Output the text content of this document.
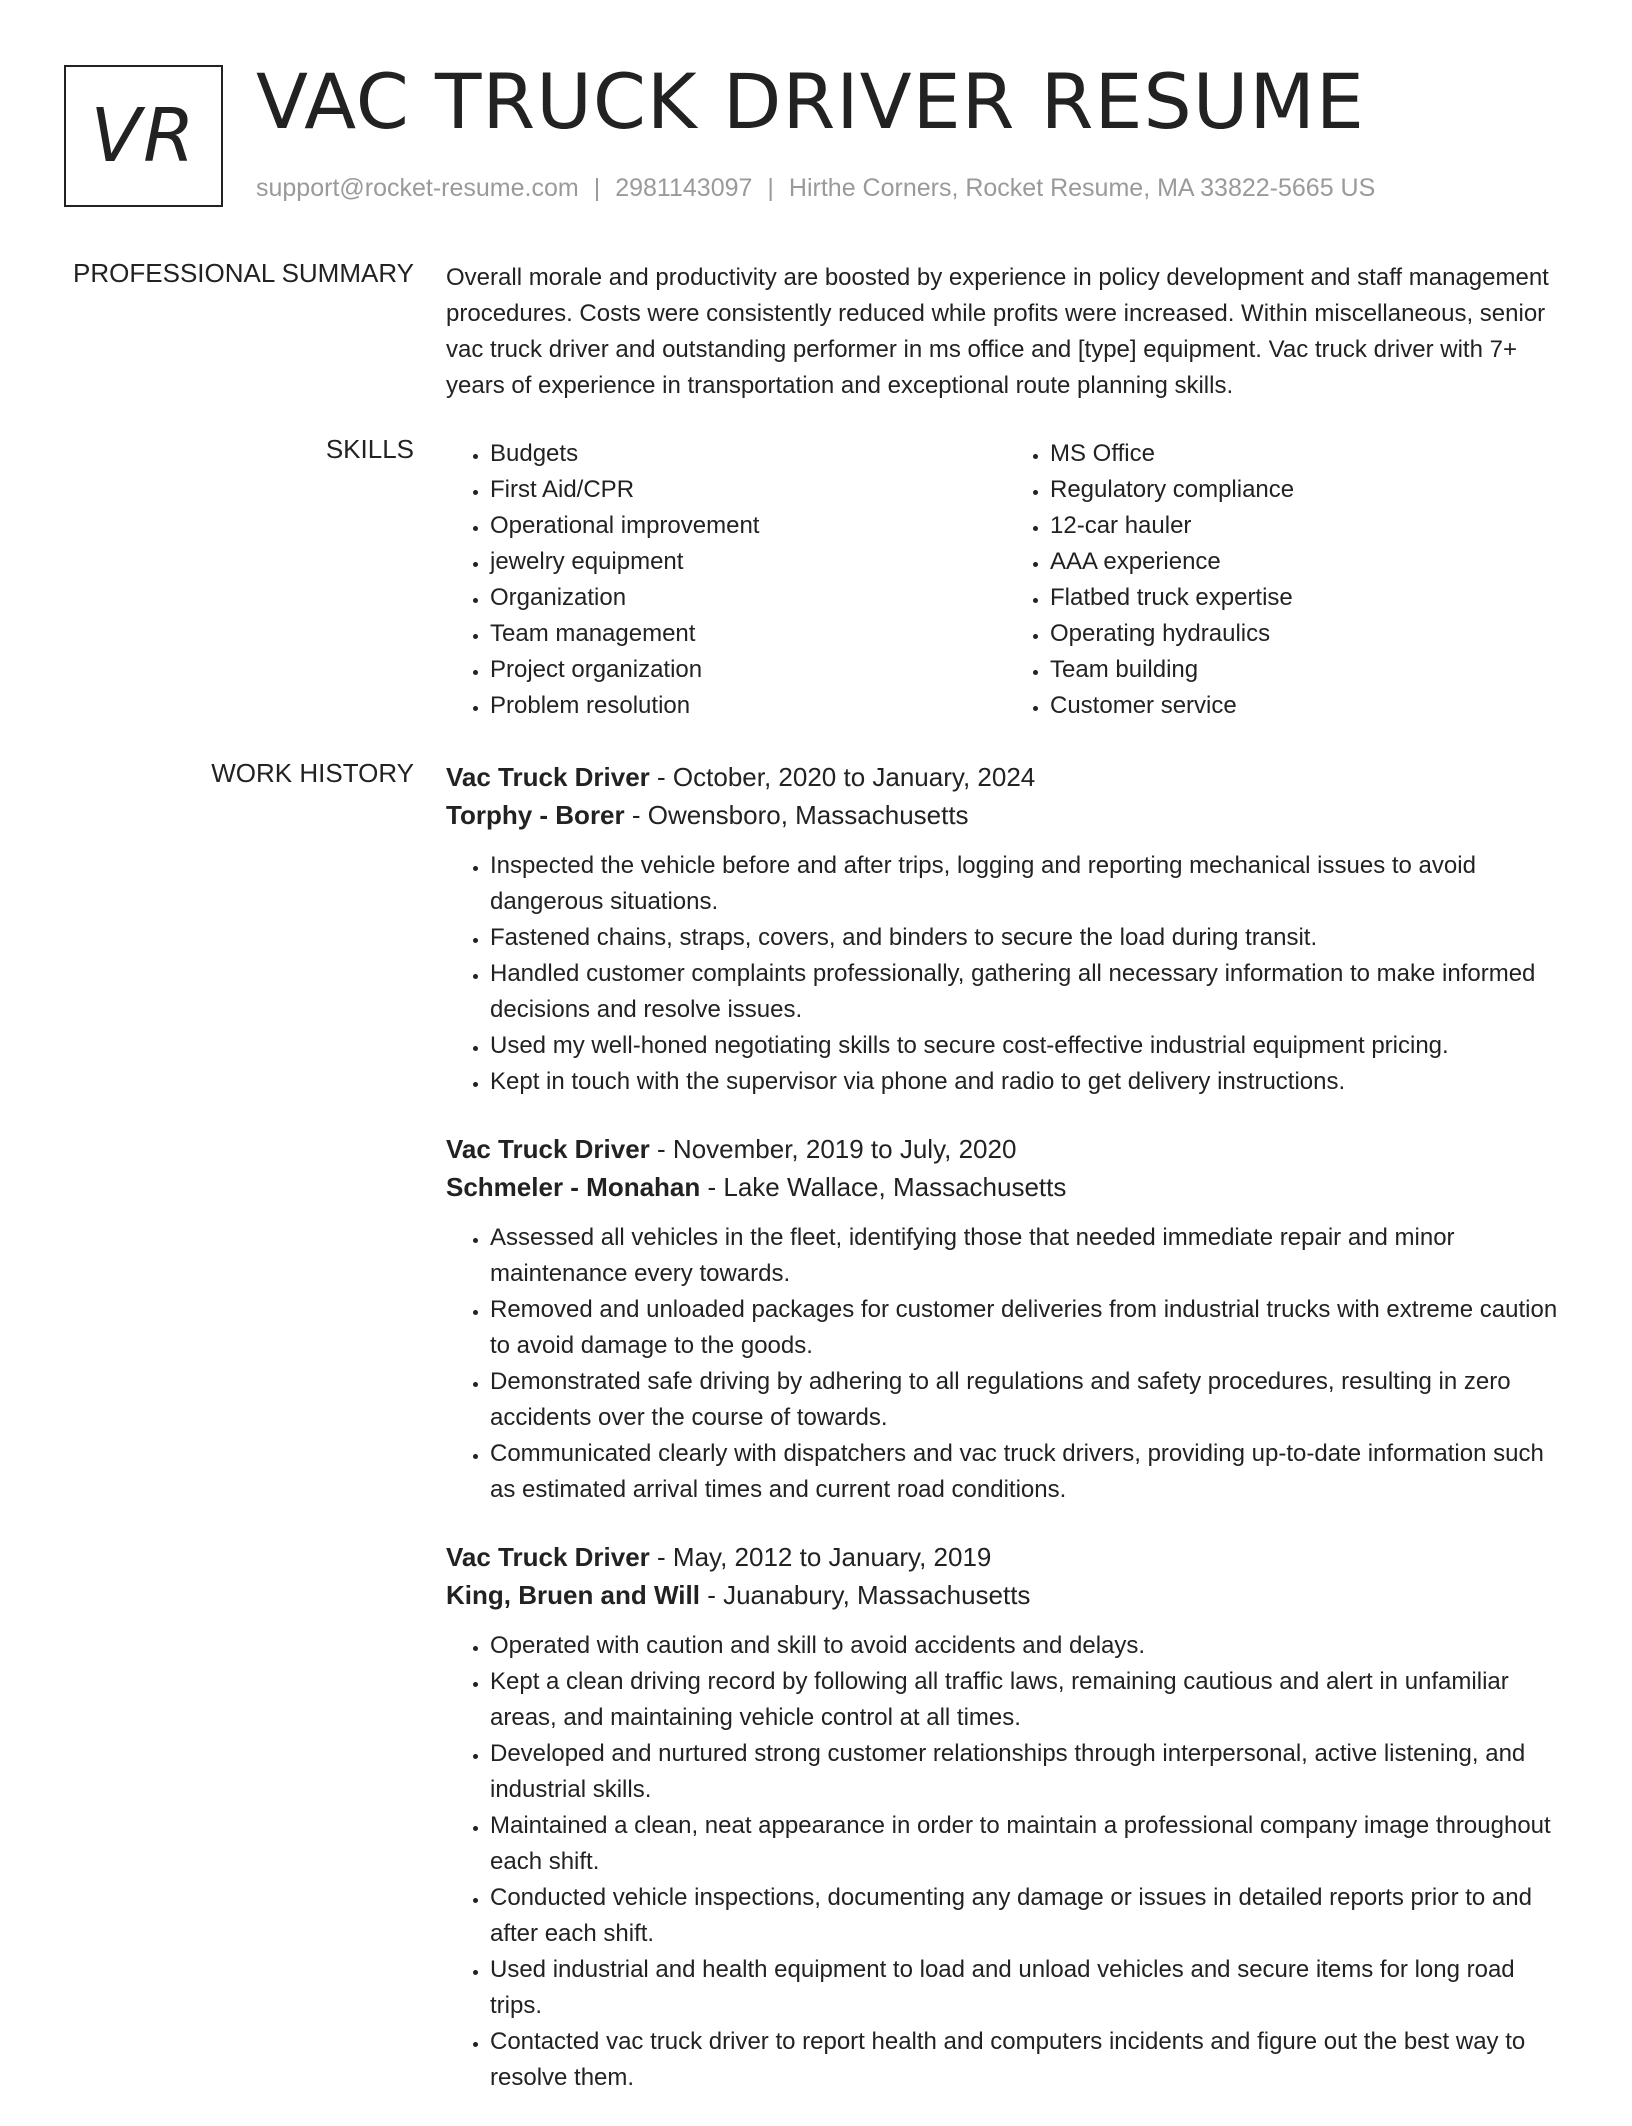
VR VAC TRUCK DRIVER RESUME
support@rocket-resume.com | 2981143097 | Hirthe Corners, Rocket Resume, MA 33822-5665 US
PROFESSIONAL SUMMARY Overall morale and productivity are boosted by experience in policy development and staff management procedures. Costs were consistently reduced while profits were increased. Within miscellaneous, senior vac truck driver and outstanding performer in ms office and [type] equipment. Vac truck driver with 7+ years of experience in transportation and exceptional route planning skills.

SKILLS
•	Budgets
• First Aid/CPR
• Operational improvement
• jewelry equipment
• Organization
• Team management
• Project organization
• Problem resolution
• MS Office
• Regulatory compliance
• 12-car hauler
• AAA experience
• Flatbed truck expertise
• Operating hydraulics
• Team building
• Customer service
WORK HISTORY Vac Truck Driver - October, 2020 to January, 2024
Torphy - Borer - Owensboro, Massachusetts
• Inspected the vehicle before and after trips, logging and reporting mechanical issues to avoid dangerous situations.
• Fastened chains, straps, covers, and binders to secure the load during transit.
• Handled customer complaints professionally, gathering all necessary information to make informed decisions and resolve issues.
• Used my well-honed negotiating skills to secure cost-effective industrial equipment pricing.
• Kept in touch with the supervisor via phone and radio to get delivery instructions.
Vac Truck Driver - November, 2019 to July, 2020
Schmeler - Monahan - Lake Wallace, Massachusetts
• Assessed all vehicles in the fleet, identifying those that needed immediate repair and minor maintenance every towards.
• Removed and unloaded packages for customer deliveries from industrial trucks with extreme caution to avoid damage to the goods.
• Demonstrated safe driving by adhering to all regulations and safety procedures, resulting in zero accidents over the course of towards.
• Communicated clearly with dispatchers and vac truck drivers, providing up-to-date information such as estimated arrival times and current road conditions.
Vac Truck Driver - May, 2012 to January, 2019
King, Bruen and Will - Juanabury, Massachusetts
• Operated with caution and skill to avoid accidents and delays.
• Kept a clean driving record by following all traffic laws, remaining cautious and alert in unfamiliar areas, and maintaining vehicle control at all times.
• Developed and nurtured strong customer relationships through interpersonal, active listening, and industrial skills.
• Maintained a clean, neat appearance in order to maintain a professional company image throughout each shift.
• Conducted vehicle inspections, documenting any damage or issues in detailed reports prior to and after each shift.
• Used industrial and health equipment to load and unload vehicles and secure items for long road trips.
• Contacted vac truck driver to report health and computers incidents and figure out the best way to resolve them.
